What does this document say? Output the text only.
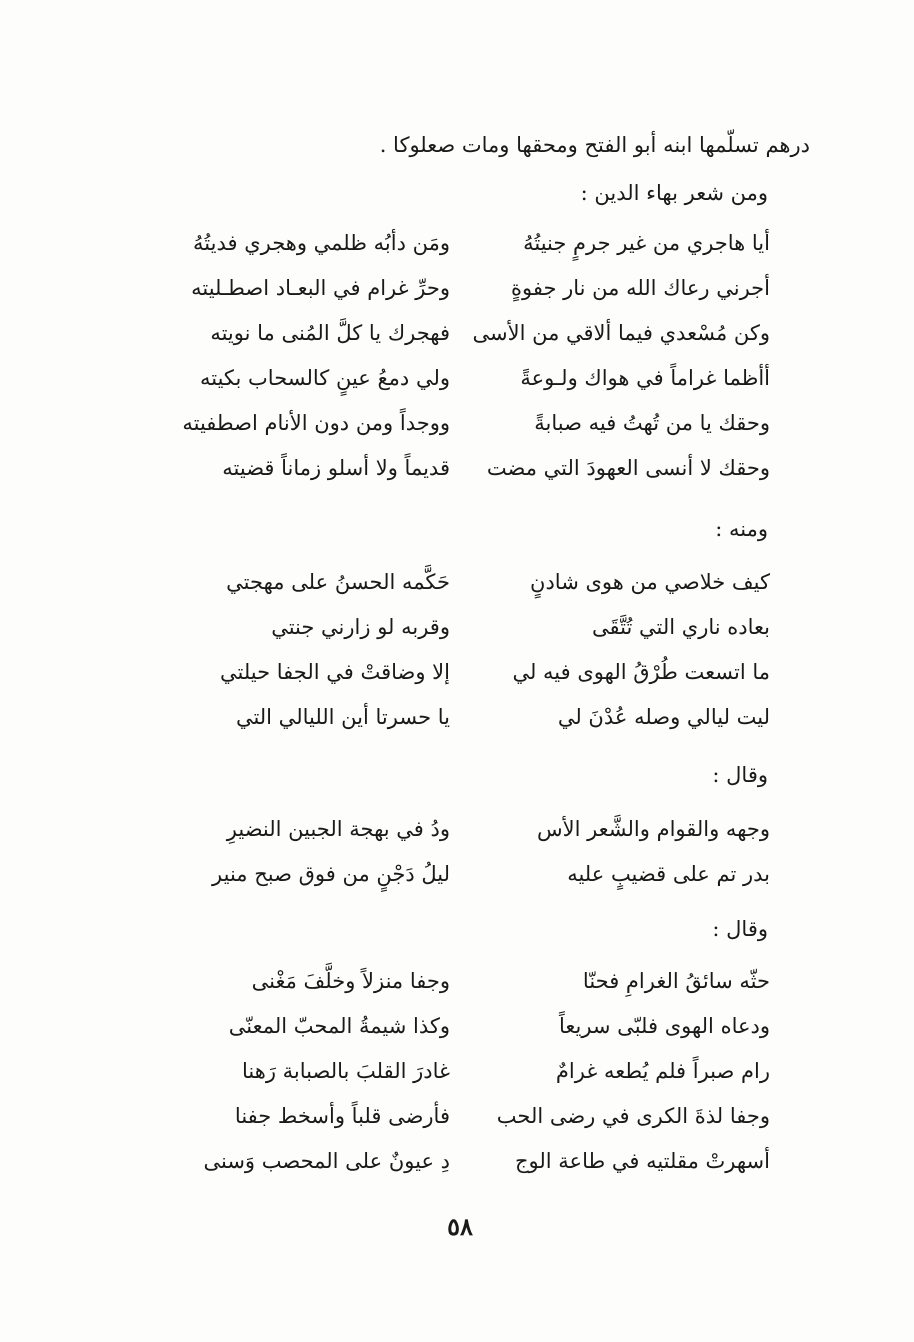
درهم تسلّمها ابنه أبو الفتح ومحقها ومات صعلوكا .
ومن شعر بهاء الدين :
أيا هاجري من غير جرمٍ جنيتُهُ
ومَن دأبُه ظلمي وهجري فديتُهُ
أجرني رعاك الله من نار جفوةٍ
وحرِّ غرام في البعـاد اصطـليته
وكن مُسْعدي فيما ألاقي من الأسى
فهجرك يا كلَّ المُنى ما نويته
أأظما غراماً في هواك ولـوعةً
ولي دمعُ عينٍ كالسحاب بكيته
وحقك يا من تُهتُ فيه صبابةً
ووجداً ومن دون الأنام اصطفيته
وحقك لا أنسى العهودَ التي مضت
قديماً ولا أسلو زماناً قضيته
ومنه :
كيف خلاصي من هوى شادنٍ
حَكَّمه الحسنُ على مهجتي
بعاده ناري التي تُتَّقَى
وقربه لو زارني جنتي
ما اتسعت طُرْقُ الهوى فيه لي
إلا وضاقتْ في الجفا حيلتي
ليت ليالي وصله عُدْنَ لي
يا حسرتا أين الليالي التي
وقال :
وجهه والقوام والشَّعر الأس
ودُ في بهجة الجبين النضيرِ
بدر تم على قضيبٍ عليه
ليلُ دَجْنٍ من فوق صبح منير
وقال :
حثّه سائقُ الغرامِ فحنّا
وجفا منزلاً وخلَّفَ مَغْنى
ودعاه الهوى فلبّى سريعاً
وكذا شيمةُ المحبّ المعنّى
رام صبراً فلم يُطعه غرامٌ
غادرَ القلبَ بالصبابة رَهنا
وجفا لذةَ الكرى في رضى الحب
فأرضى قلباً وأسخط جفنا
أسهرتْ مقلتيه في طاعة الوج
دِ عيونٌ على المحصب وَسنى
٥٨
